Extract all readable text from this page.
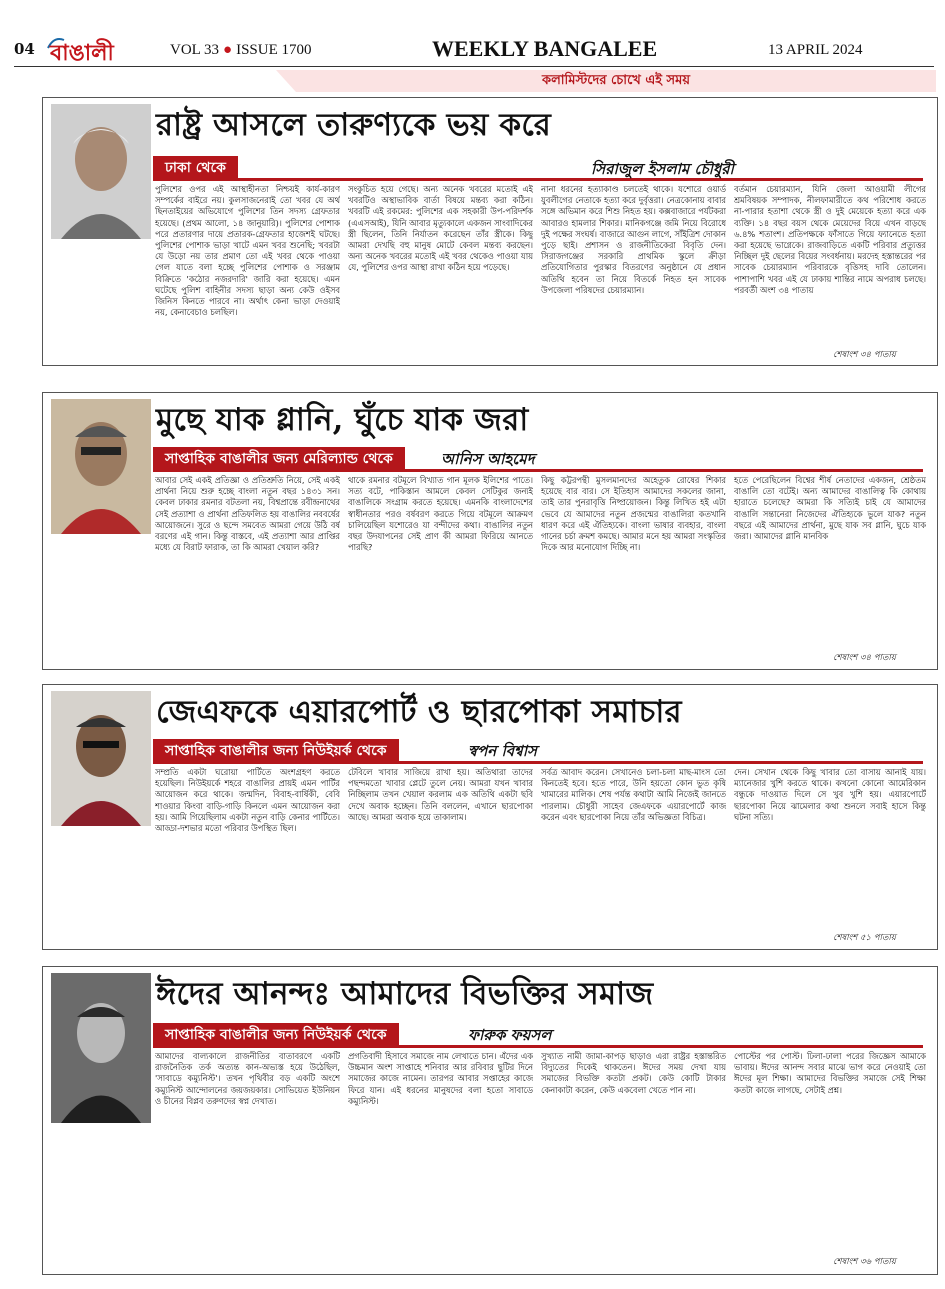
04 বাঙালী	VOL 33 ● ISSUE 1700	WEEKLY BANGALEE	13 APRIL 2024
কলামিস্টদের চোখে এই সময়
রাষ্ট্র আসলে তারুণ্যকে ভয় করে
ঢাকা থেকে	সিরাজুল ইসলাম চৌধুরী

পুলিশের ওপর এই আস্থাহীনতা নিশ্চয়ই কার্য-কারণ সম্পর্কের বাইরে নয়। কুলসাজনেরাই তো খবর যে অর্থ ছিনতাইয়ের অভিযোগে পুলিশের তিন সদস্য গ্রেফতার হয়েছে। (প্রথম আলো, ১৪ জানুয়ারি)। পুলিশের পোশাক পরে প্রতারণার দায়ে প্রতারক-গ্রেফতার হাজেশই ঘটছে। পুলিশের পোশাক ভাড়া খাটে এমন খবর শুনেছি; খবরটা যে উড়ো নয় তার প্রমাণ তো এই খবর থেকে পাওয়া গেল যাতে বলা হচ্ছে পুলিশের পোশাক ও সরঞ্জাম বিক্রিতে 'কঠোর নজরদারি' জারি করা হয়েছে। এমন ঘটেছে পুলিশ বাহিনীর সদস্য ছাড়া অন্য কেউ ওইসব জিনিস কিনতে পারবে না। অর্থাৎ কেনা ভাড়া দেওয়াই নয়, কেনাবেচাও চলছিল।

সংকুচিত হয়ে গেছে। অন্য অনেক খবরের মতোই এই খবরটিও অস্থাভাবিক বার্তা বিষয়ে মন্তব্য করা কঠিন। খবরটি এই রকমের: পুলিশের এক সহকারী উপ-পরিদর্শক (এএসআই), যিনি আবার মৃত্যুকালে একজন সাংবাদিকের স্ত্রী ছিলেন, তিনি নির্যাতন করেছেন তাঁর স্ত্রীকে। কিছু আমরা দেখছি বহু মানুষ মোটে কেবল মন্তব্য করছেন। অন্য অনেক খবরের মতোই এই খবর থেকেও পাওয়া যায় যে, পুলিশের ওপর আস্থা রাখা কঠিন হয়ে পড়েছে।

নানা ধরনের হত্যাকাণ্ড চলতেই থাকে। যশোরে ওয়ার্ড যুবলীগের নেতাকে হত্যা করে দুর্বৃত্তরা। নেত্রকোনায় বাবার সঙ্গে অভিমান করে শিশু নিহত হয়। কক্সবাজারে পর্যটকরা আবারও হামলার শিকার। মানিকগঞ্জে জমি নিয়ে বিরোধে দুই পক্ষের সংঘর্ষ। বাজারে আগুন লাগে, সাঁইত্রিশ দোকান পুড়ে ছাই। প্রশাসন ও রাজনীতিকেরা বিবৃতি দেন। সিরাজগঞ্জের সরকারি প্রাথমিক স্কুলে ক্রীড়া প্রতিযোগিতার পুরস্কার বিতরণের অনুষ্ঠানে যে প্রধান অতিথি হবেন তা নিয়ে বিতর্কে নিহত হন সাবেক উপজেলা পরিষদের চেয়ারম্যান।

বর্তমান চেয়ারম্যান, যিনি জেলা আওয়ামী লীগের শ্রমবিষয়ক সম্পাদক, নীলফামারীতে কথ পরিশোধ করতে না-পারার হতাশা থেকে স্ত্রী ও দুই মেয়েকে হত্যা করে এক ব্যক্তি। ১৪ বছর বয়স থেকে মেয়েদের বিয়ে এখন বাড়ছে ৬.৪% শতাংশ। প্রতিপক্ষকে ফাঁসাতে গিয়ে ফ্যানেতে হত্যা করা হয়েছে ভাগ্নেকে। রাজবাড়িতে একটি পরিবার প্রত্যুত্তর নিচ্ছিল দুই ছেলের বিয়ের সংবর্ধনায়। মরদেহ হস্তান্তরের পর সাবেক চেয়ারম্যান পরিবারকে বৃত্তিসহ দাবি তোলেন। পাশাপাশি খবর এই যে ঢাকায় শান্তির নামে অপরাধ চলছে। পরবর্তী অংশ ৩৪ পাতায়

শেষাংশ ৩৪ পাতায়
মুছে যাক গ্লানি, ঘুঁচে যাক জরা
সাপ্তাহিক বাঙালীর জন্য মেরিল্যান্ড থেকে	আনিস আহমেদ

আবার সেই একই প্রতিজ্ঞা ও প্রতিশ্রুতি নিয়ে, সেই একই প্রার্থনা নিয়ে শুরু হচ্ছে বাংলা নতুন বছর ১৪৩১ সন। কেবল ঢাকার রমনার বটতলা নয়, বিশ্বপ্রান্তে রবীন্দ্রনাথের সেই প্রত্যাশা ও প্রার্থনা প্রতিফলিত হয় বাঙালির নববর্ষের আয়োজনে। সুরে ও ছন্দে সমবেত আমরা গেয়ে উঠি বর্ষ বরণের এই গান। কিন্তু বাস্তবে, এই প্রত্যাশা আর প্রাপ্তির মধ্যে যে বিরাট ফারাক, তা কি আমরা খেয়াল করি?

থাকে রমনার বটমূলে বিখ্যাত গান মূলক ইলিশের পাতে। সত্য বটে, পাকিস্তান আমলে কেবল সেটিকুর জন্যই বাঙালিকে সংগ্রাম করতে হয়েছে। এমনকি বাংলাদেশের স্বাধীনতার পরও বর্ষবরণ করতে গিয়ে বটমূলে আক্রমণ চালিয়েছিল যশোরেও যা বন্দীদের কথা। বাঙালির নতুন বছর উদযাপনের সেই প্রাণ কী আমরা ফিরিয়ে আনতে পারছি?

কিছু কট্টরপন্থী মুসলমানদের অহেতুক রোষের শিকার হয়েছে বার বার। সে ইতিহাস আমাদের সকলের জানা, তাই তার পুনরাবৃত্তি নিষ্প্রয়োজন। কিন্তু লিখিত হই এটা ভেবে যে আমাদের নতুন প্রজন্মের বাঙালিরা কতখানি ধারণ করে এই ঐতিহ্যকে। বাংলা ভাষার ব্যবহার, বাংলা গানের চর্চা ক্রমশ কমছে। আমার মনে হয় আমরা সংস্কৃতির দিকে আর মনোযোগ দিচ্ছি না।

হতে পেরেছিলেন বিশ্বের শীর্ষ নেতাদের একজন, শ্রেষ্ঠতম বাঙালি তো বটেই। অন্য আমাদের বাঙালিত্ব কি কোথায় হারাতে চলেছে? আমরা কি সত্যিই চাই যে আমাদের বাঙালি সন্তানেরা নিজেদের ঐতিহ্যকে ভুলে যাক? নতুন বছরে এই আমাদের প্রার্থনা, মুছে যাক সব গ্লানি, ঘুচে যাক জরা। আমাদের গ্লানি মানবিক

শেষাংশ ৩৪ পাতায়
জেএফকে এয়ারপোর্ট ও ছারপোকা সমাচার
সাপ্তাহিক বাঙালীর জন্য নিউইয়র্ক থেকে	স্বপন বিশ্বাস

সম্প্রতি একটা ঘরোয়া পার্টিতে অংশগ্রহণ করতে হয়েছিল। নিউইয়র্কে শহরে বাঙালির প্রায়ই এমন পার্টির আয়োজন করে থাকে। জন্মদিন, বিবাহ-বার্ষিকী, বেবি শাওয়ার কিংবা বাড়ি-গাড়ি কিনলে এমন আয়োজন করা হয়। আমি গিয়েছিলাম একটা নতুন বাড়ি কেনার পার্টিতে। আড্ডা-দশভার মতো পরিবার উপস্থিত ছিল।

টেবিলে খাবার সাজিয়ে রাখা হয়। অতিথারা তাদের পছন্দমতো খাবার প্লেটে তুলে নেয়। আমরা যখন খাবার নিচ্ছিলাম তখন খেয়াল করলাম এক অতিথি একটা ছবি দেখে অবাক হচ্ছেন। তিনি বললেন, এখানে ছারপোকা আছে। আমরা অবাক হয়ে তাকালাম।

সর্বত্র আবাদ করেন। সেখানেও চলা-চলা মাছ-মাংস তো কিনতেই হবে। হতে পারে, উনি হয়তো কোন ভুত কৃষি খামারের মালিক। শেষ পর্যন্ত কথাটা আমি নিজেই জানতে পারলাম। চৌধুরী সাহেব জেএফকে এয়ারপোর্টে কাজ করেন এবং ছারপোকা নিয়ে তাঁর অভিজ্ঞতা বিচিত্র।

দেন। সেখান থেকে কিছু খাবার তো বাসায় আনাই যায়। ম্যানেজার খুশি করতে থাকে। কখনো কোনো আমেরিকান বন্ধুকে দাওয়াত দিলে সে খুব খুশি হয়। এয়ারপোর্টে ছারপোকা নিয়ে ঝামেলার কথা শুনলে সবাই হাসে কিন্তু ঘটনা সত্যি।

শেষাংশ ৫১ পাতায়
ঈদের আনন্দঃ আমাদের বিভক্তির সমাজ
সাপ্তাহিক বাঙালীর জন্য নিউইয়র্ক থেকে	ফারুক ফয়সল

আমাদের বাল্যকালে রাজনীতির বাতাবরণে একটি রাজনৈতিক তর্ক অত্যন্ত কান-অভ্যস্ত হয়ে উঠেছিল, 'সাবাডে কম্যুনিস্ট'। তখন পৃথিবীর বড় একটি অংশে কম্যুনিস্ট আন্দোলনের জয়জয়কার। সোভিয়েত ইউনিয়ন ও চীনের বিপ্লব তরুণদের স্বপ্ন দেখাত।

প্রগতিবাদী হিসাবে সমাজে নাম লেখাতে চান। এঁদের এক উচ্চমান অংশ সাপ্তাহে শনিবার আর রবিবার ছুটির দিনে সমাজের কাজে নামেন। তারপর আবার সপ্তাহের কাজে ফিরে যান। এই ধরনের মানুষদের বলা হতো সাবাডে কম্যুনিস্ট।

সুখ্যাত নামী জামা-কাপড় ছাড়াও এরা রাষ্ট্রর হস্তান্তরিত বিদ্যুতের দিকেই থাকতেন। ঈদের সময় দেখা যায় সমাজের বিভক্তি কতটা প্রকট। কেউ কোটি টাকার কেনাকাটা করেন, কেউ একবেলা খেতে পান না।

পোস্টের পর পোস্ট। ঢিলা-ঢালা পরের জিজ্ঞেস আমাকে ভাবায়। ঈদের আনন্দ সবার মাঝে ভাগ করে নেওয়াই তো ঈদের মূল শিক্ষা। আমাদের বিভক্তির সমাজে সেই শিক্ষা কতটা কাজে লাগছে, সেটাই প্রশ্ন।

শেষাংশ ৩৬ পাতায়
